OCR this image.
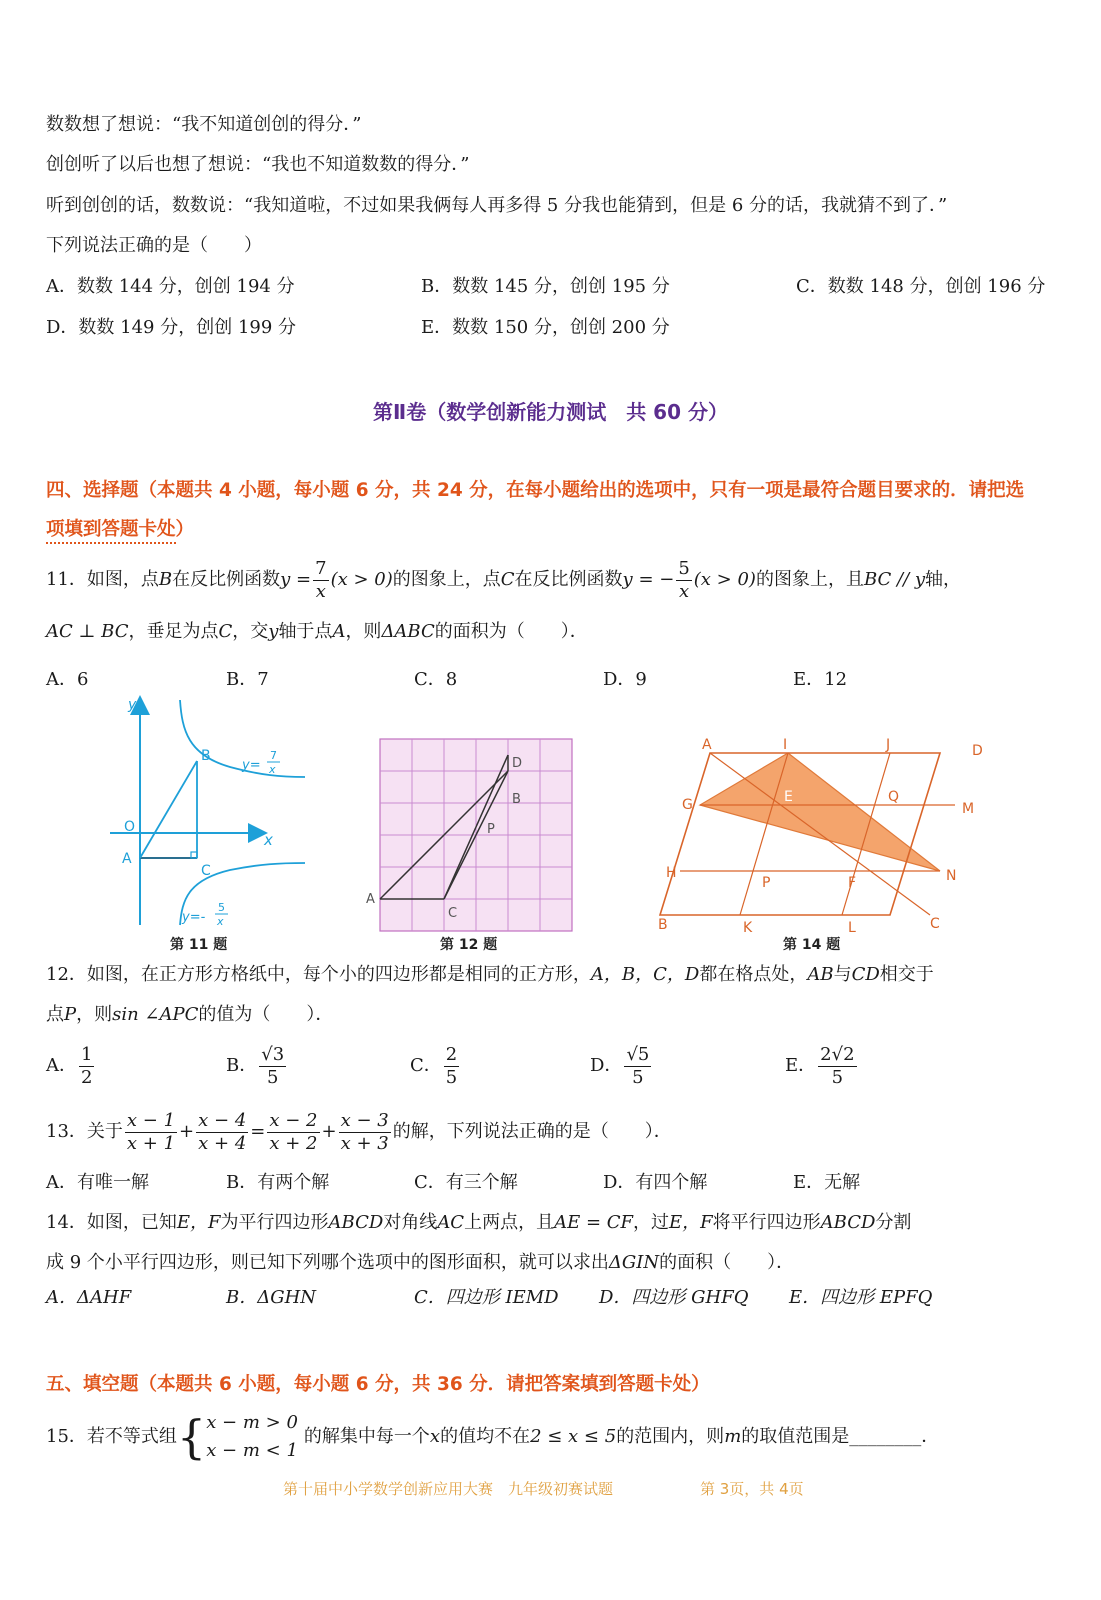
数数想了想说：“我不知道创创的得分．”
创创听了以后也想了想说：“我也不知道数数的得分．”
听到创创的话，数数说：“我知道啦，不过如果我俩每人再多得 5 分我也能猜到，但是 6 分的话，我就猜不到了．”
下列说法正确的是（　　）
A．数数 144 分，创创 194 分	B．数数 145 分，创创 195 分	C．数数 148 分，创创 196 分
D．数数 149 分，创创 199 分	E．数数 150 分，创创 200 分
第Ⅱ卷（数学创新能力测试　共 60 分）
四、选择题（本题共 4 小题，每小题 6 分，共 24 分，在每小题给出的选项中，只有一项是最符合题目要求的．请把选
项填到答题卡处）
11．如图，点 B 在反比例函数 $y = \frac{7}{x} (x > 0)$ 的图象上，点 C 在反比例函数 y = − $\frac{5}{x} (x > 0)$ 的图象上，且 BC // y 轴，
AC ⊥ BC，垂足为点C，交y轴于点A，则ΔABC的面积为（　　）．
A．6	B．7	C．8	D．9	E．12
y
x
O
A
B
C
y=
7
x
y=-
5
x
第 11 题
A
B
C
D
P
第 12 题
A	I	J	D
G	E	Q
M
H
P	F	N
B	K	L	C
第 14 题
12．如图，在正方形方格纸中，每个小的四边形都是相同的正方形，A，B，C，D都在格点处，AB与CD相交于
点P，则sin ∠APC的值为（　　）．
A． $\frac{1}{2}$	B． $\frac{√3}{5}$	C． $\frac{2}{5}$	D． $\frac{√5}{5}$	E． $\frac{2√2}{5}$
13．关于 $\frac{x - 1}{x + 1} + \frac{x - 4}{x + 4} = \frac{x - 2}{x + 2} + \frac{x - 3}{x + 3}$ 的解，下列说法正确的是（　　）．
A．有唯一解	B．有两个解	C．有三个解	D．有四个解	E．无解
14．如图，已知E，F为平行四边形ABCD对角线AC上两点，且AE = CF，过E，F将平行四边形ABCD分割
成 9 个小平行四边形，则已知下列哪个选项中的图形面积，就可以求出ΔGIN的面积（　　）．
A．ΔAHF	B．ΔGHN	C．四边形 IEMD D．四边形 GHFQ E．四边形 EPFQ
五、填空题（本题共 6 小题，每小题 6 分，共 36 分．请把答案填到答题卡处）
15．若不等式组 { x − m > 0
x − m < 1
的解集中每一个 x 的值均不在 2 ≤ x ≤ 5 的范围内，则 m 的取值范围是 ________ ．
第十届中小学数学创新应用大赛　九年级初赛试题	第 3页，共 4页
